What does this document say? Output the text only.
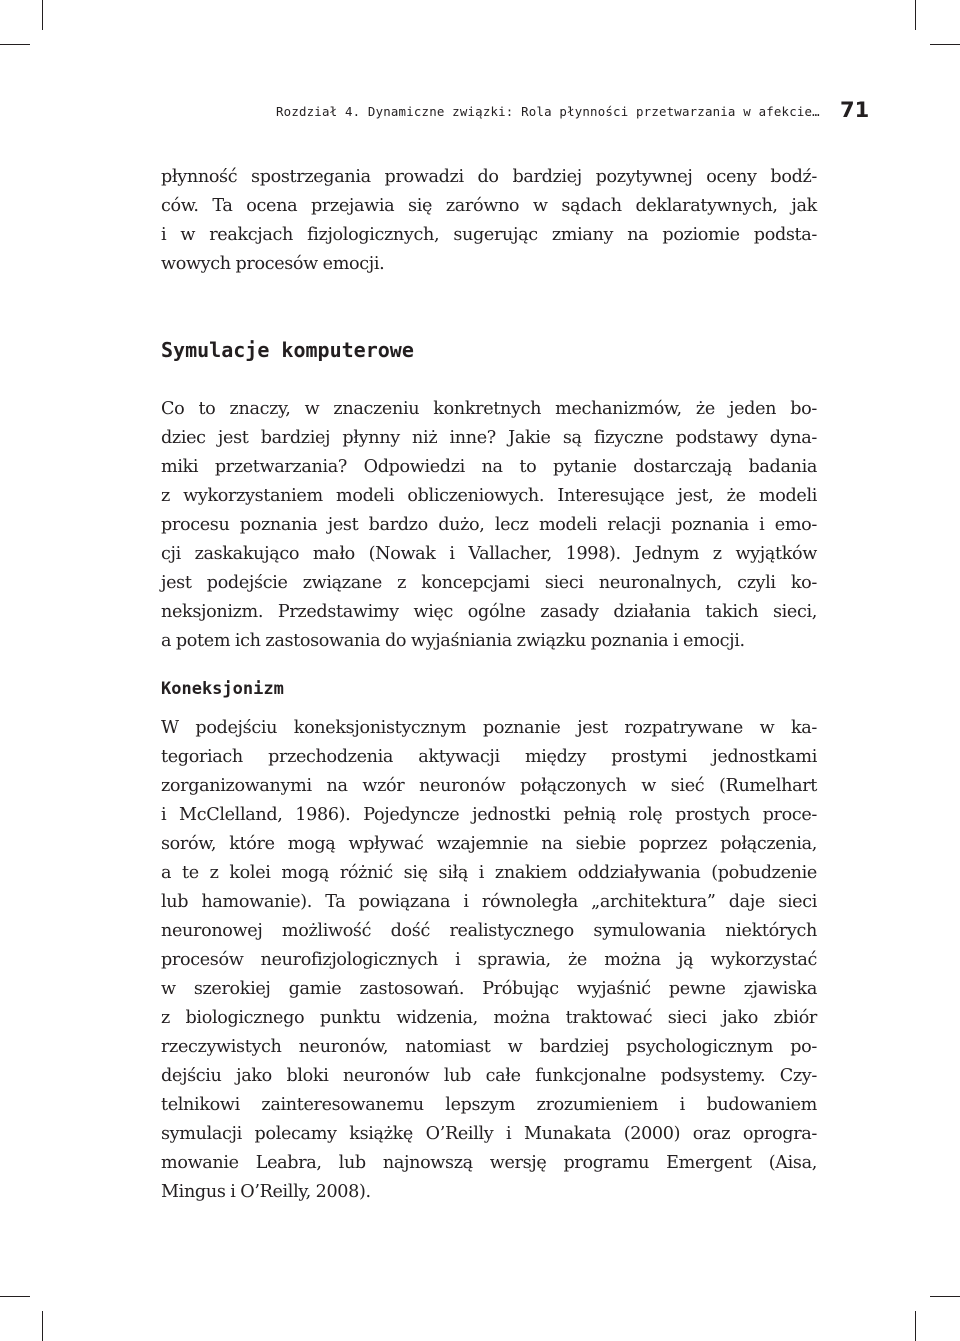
Rozdział 4. Dynamiczne związki: Rola płynności przetwarzania w afekcie… 71
płynność spostrzegania prowadzi do bardziej pozytywnej oceny bodź-
ców. Ta ocena przejawia się zarówno w sądach deklaratywnych, jak
i w reakcjach fizjologicznych, sugerując zmiany na poziomie podsta-
wowych procesów emocji.
Symulacje komputerowe
Co to znaczy, w znaczeniu konkretnych mechanizmów, że jeden bo-
dziec jest bardziej płynny niż inne? Jakie są fizyczne podstawy dyna-
miki przetwarzania? Odpowiedzi na to pytanie dostarczają badania
z wykorzystaniem modeli obliczeniowych. Interesujące jest, że modeli
procesu poznania jest bardzo dużo, lecz modeli relacji poznania i emo-
cji zaskakująco mało (Nowak i Vallacher, 1998). Jednym z wyjątków
jest podejście związane z koncepcjami sieci neuronalnych, czyli ko-
neksjonizm. Przedstawimy więc ogólne zasady działania takich sieci,
a potem ich zastosowania do wyjaśniania związku poznania i emocji.
Koneksjonizm
W podejściu koneksjonistycznym poznanie jest rozpatrywane w ka-
tegoriach przechodzenia aktywacji między prostymi jednostkami
zorganizowanymi na wzór neuronów połączonych w sieć (Rumelhart
i McClelland, 1986). Pojedyncze jednostki pełnią rolę prostych proce-
sorów, które mogą wpływać wzajemnie na siebie poprzez połączenia,
a te z kolei mogą różnić się siłą i znakiem oddziaływania (pobudzenie
lub hamowanie). Ta powiązana i równoległa „architektura” daje sieci
neuronowej możliwość dość realistycznego symulowania niektórych
procesów neurofizjologicznych i sprawia, że można ją wykorzystać
w szerokiej gamie zastosowań. Próbując wyjaśnić pewne zjawiska
z biologicznego punktu widzenia, można traktować sieci jako zbiór
rzeczywistych neuronów, natomiast w bardziej psychologicznym po-
dejściu jako bloki neuronów lub całe funkcjonalne podsystemy. Czy-
telnikowi zainteresowanemu lepszym zrozumieniem i budowaniem
symulacji polecamy książkę O’Reilly i Munakata (2000) oraz oprogra-
mowanie Leabra, lub najnowszą wersję programu Emergent (Aisa,
Mingus i O’Reilly, 2008).
